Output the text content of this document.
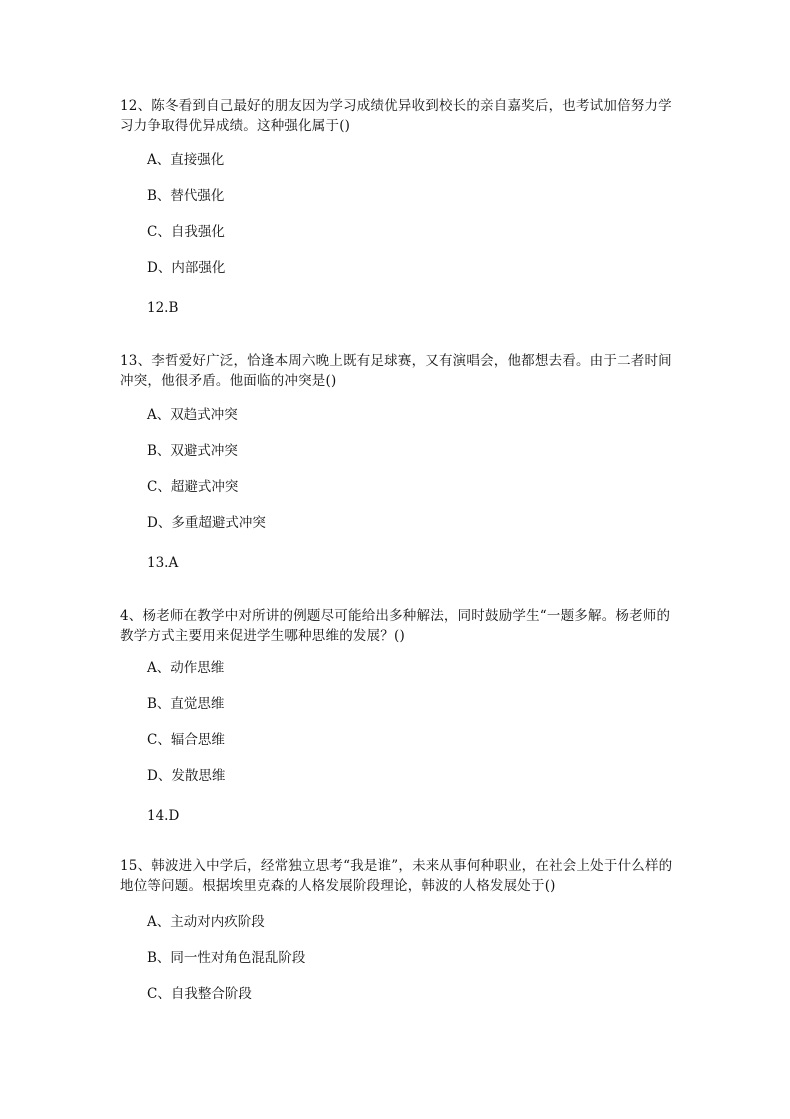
12、陈冬看到自己最好的朋友因为学习成绩优异收到校长的亲自嘉奖后，也考试加倍努力学习力争取得优异成绩。这种强化属于()

A、直接强化
B、替代强化
C、自我强化
D、内部强化
12.B

13、李哲爱好广泛，恰逢本周六晚上既有足球赛，又有演唱会，他都想去看。由于二者时间冲突，他很矛盾。他面临的冲突是()

A、双趋式冲突
B、双避式冲突
C、超避式冲突
D、多重超避式冲突
13.A

4、杨老师在教学中对所讲的例题尽可能给出多种解法，同时鼓励学生“一题多解。杨老师的教学方式主要用来促进学生哪种思维的发展？()

A、动作思维
B、直觉思维
C、辐合思维
D、发散思维
14.D

15、韩波进入中学后，经常独立思考“我是谁”，未来从事何种职业，在社会上处于什么样的地位等问题。根据埃里克森的人格发展阶段理论，韩波的人格发展处于()

A、主动对内疚阶段
B、同一性对角色混乱阶段
C、自我整合阶段
